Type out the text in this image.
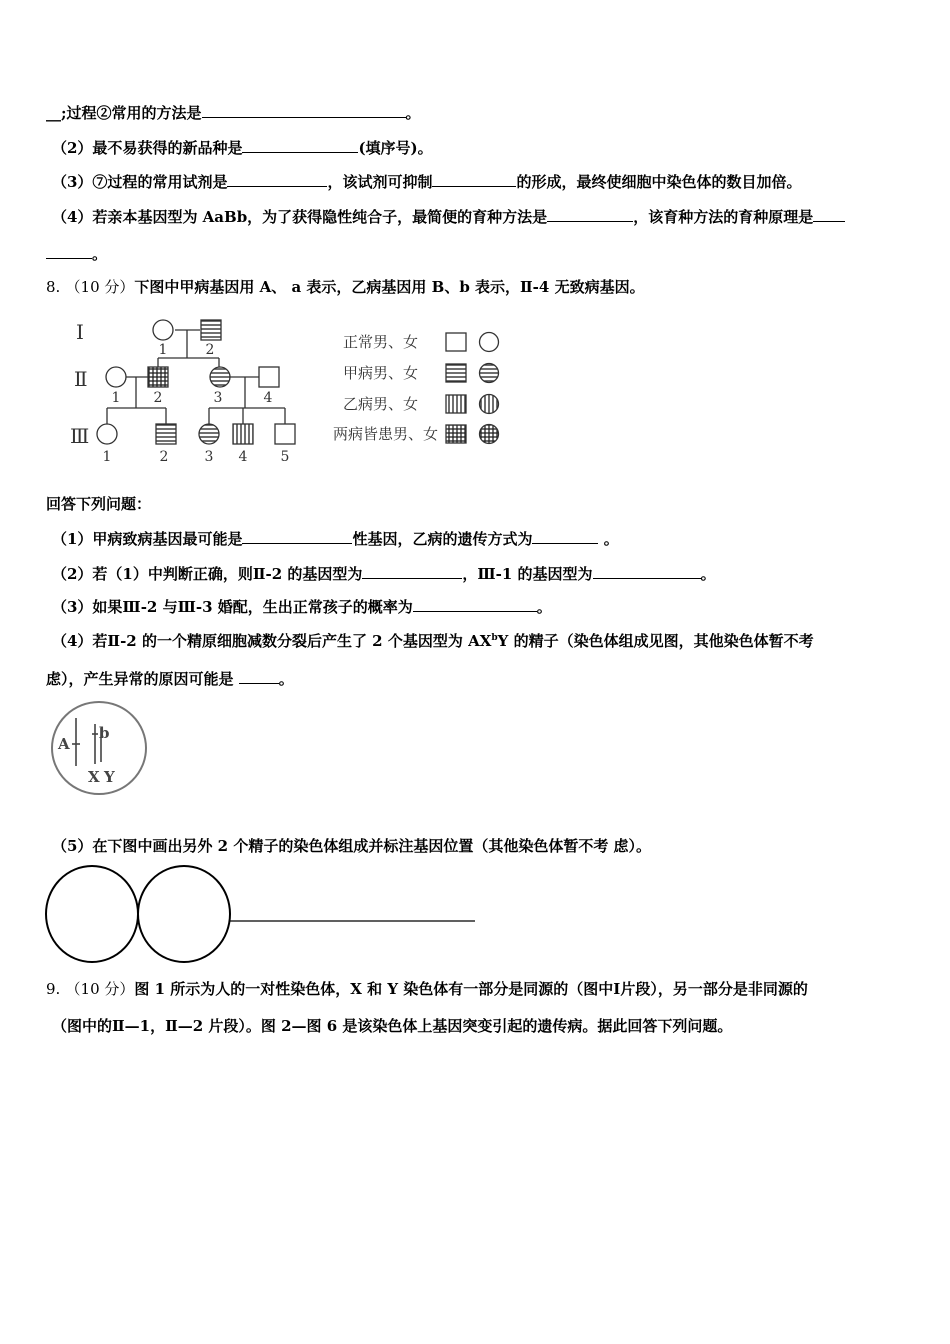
__;过程②常用的方法是	。
（2）最不易获得的新品种是	(填序号)。
（3）⑦过程的常用试剂是	，该试剂可抑制	的形成，最终使细胞中染色体的数目加倍。
（4）若亲本基因型为 AaBb，为了获得隐性纯合子，最简便的育种方法是	，该育种方法的育种原理是
。
8. （10 分）下图中甲病基因用 A、 a 表示，乙病基因用 B、b 表示，Ⅱ-4 无致病基因。
Ⅰ
Ⅱ
Ⅲ
1	2
1 2	3	4
1	2	3 4 5
正常男、女
甲病男、女
乙病男、女
两病皆患男、女
回答下列问题：
（1）甲病致病基因最可能是	性基因，乙病的遗传方式为	。
（2）若（1）中判断正确，则Ⅱ-2 的基因型为	，Ⅲ-1 的基因型为	。
（3）如果Ⅲ-2 与Ⅲ-3 婚配，生出正常孩子的概率为	。
（4）若Ⅱ-2 的一个精原细胞减数分裂后产生了 2 个基因型为 $AX^bY$ 的精子（染色体组成见图，其他染色体暂不考
虑），产生异常的原因可能是	。
A
b
X Y
（5）在下图中画出另外 2 个精子的染色体组成并标注基因位置（其他染色体暂不考 虑）。
9. （10 分）图 1 所示为人的一对性染色体，X 和 Y 染色体有一部分是同源的（图中Ⅰ片段），另一部分是非同源的
（图中的Ⅱ—1，Ⅱ—2 片段）。图 2—图 6 是该染色体上基因突变引起的遗传病。据此回答下列问题。
